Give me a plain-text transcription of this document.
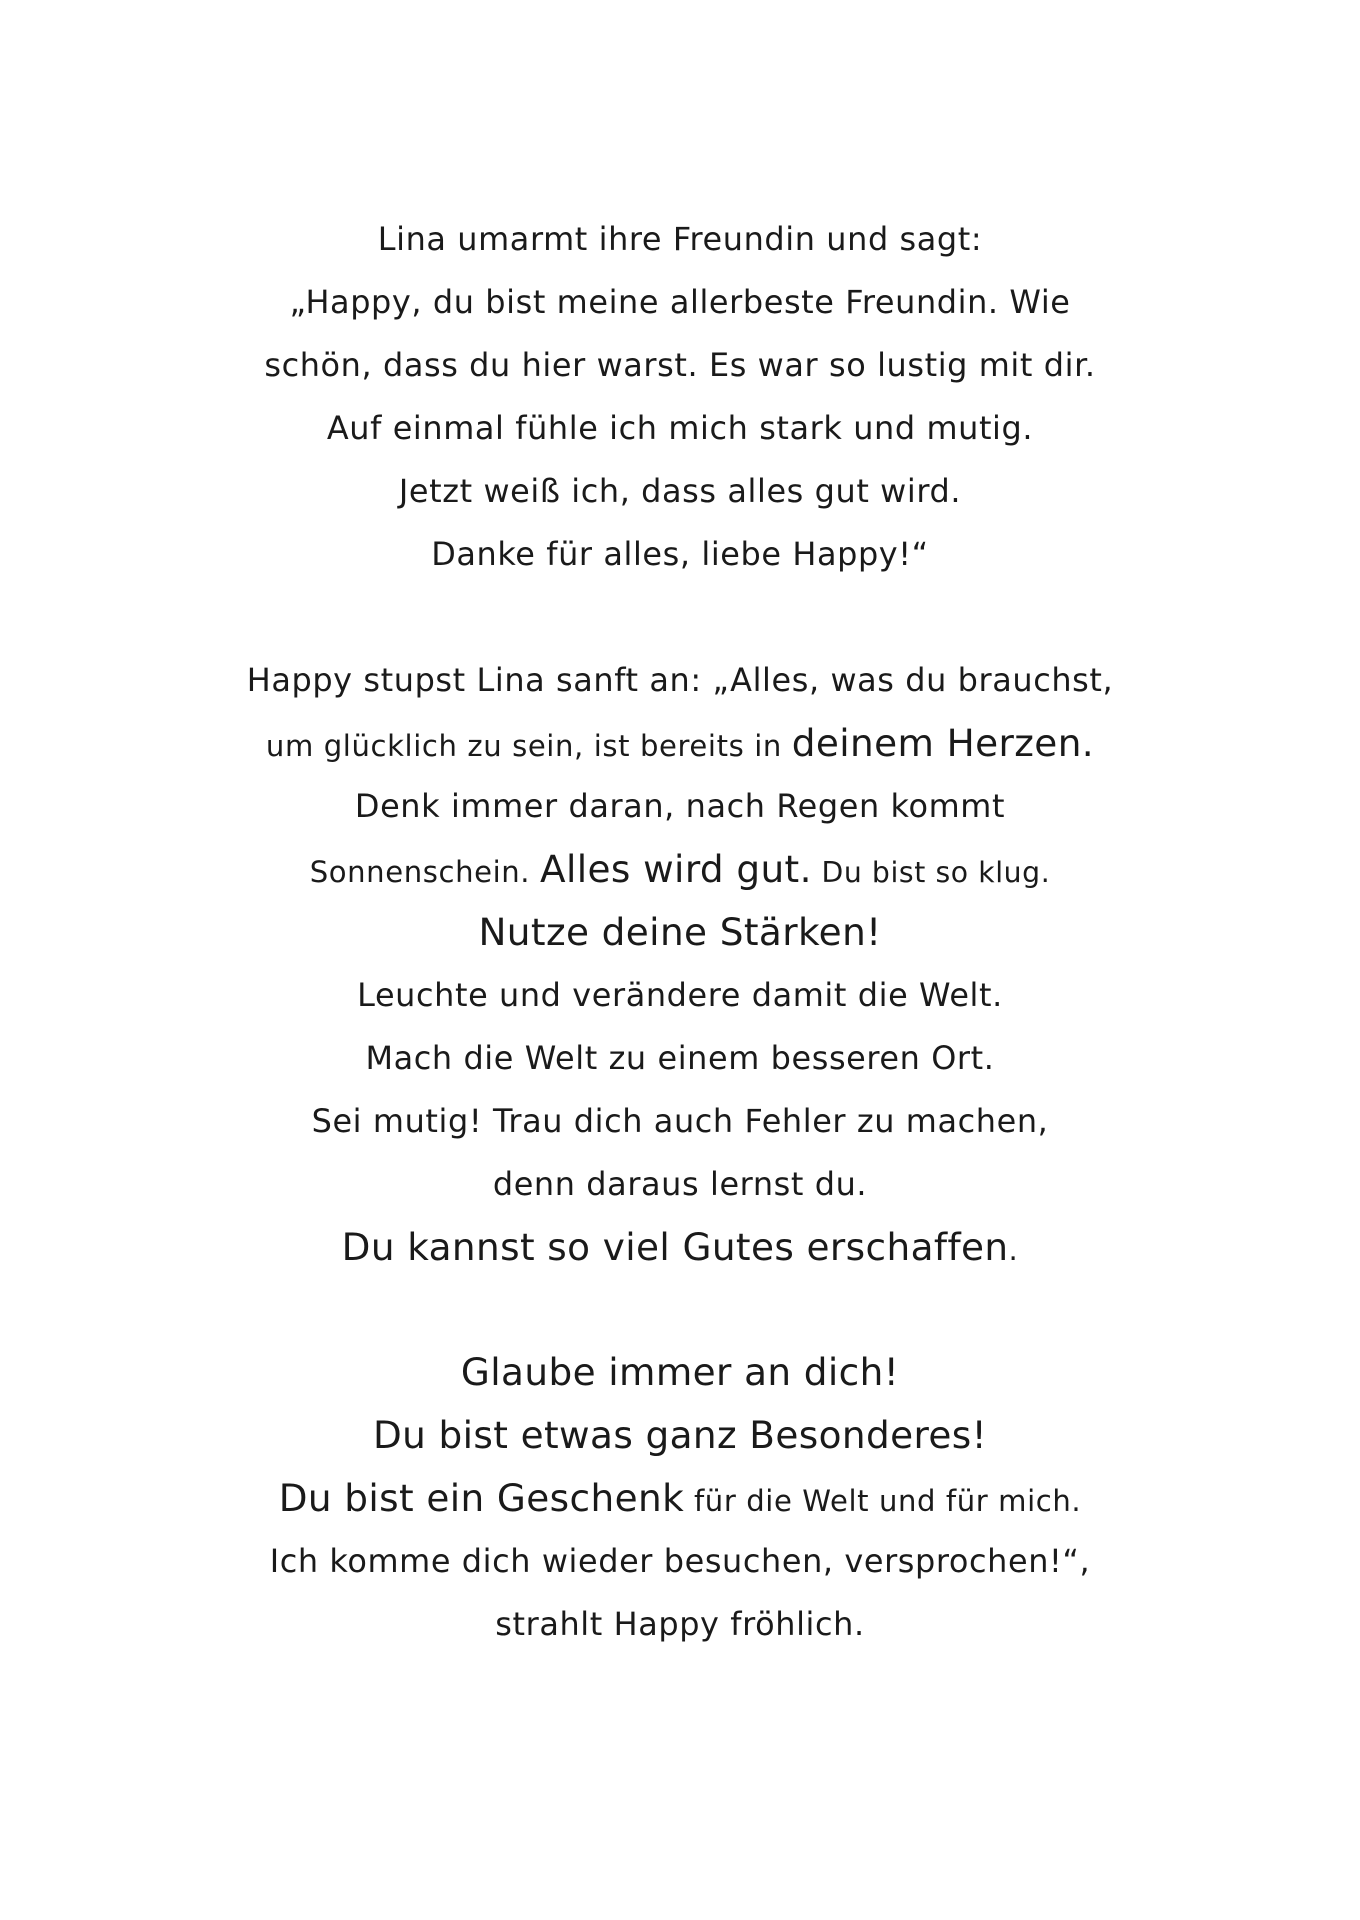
Lina umarmt ihre Freundin und sagt:
„Happy, du bist meine allerbeste Freundin. Wie
schön, dass du hier warst. Es war so lustig mit dir.
Auf einmal fühle ich mich stark und mutig.
Jetzt weiß ich, dass alles gut wird.
Danke für alles, liebe Happy!“
Happy stupst Lina sanft an: „Alles, was du brauchst,
um glücklich zu sein, ist bereits in deinem Herzen.
Denk immer daran, nach Regen kommt
Sonnenschein. Alles wird gut. Du bist so klug.
Nutze deine Stärken!
Leuchte und verändere damit die Welt.
Mach die Welt zu einem besseren Ort.
Sei mutig! Trau dich auch Fehler zu machen,
denn daraus lernst du.
Du kannst so viel Gutes erschaffen.
Glaube immer an dich!
Du bist etwas ganz Besonderes!
Du bist ein Geschenk für die Welt und für mich.
Ich komme dich wieder besuchen, versprochen!“,
strahlt Happy fröhlich.
